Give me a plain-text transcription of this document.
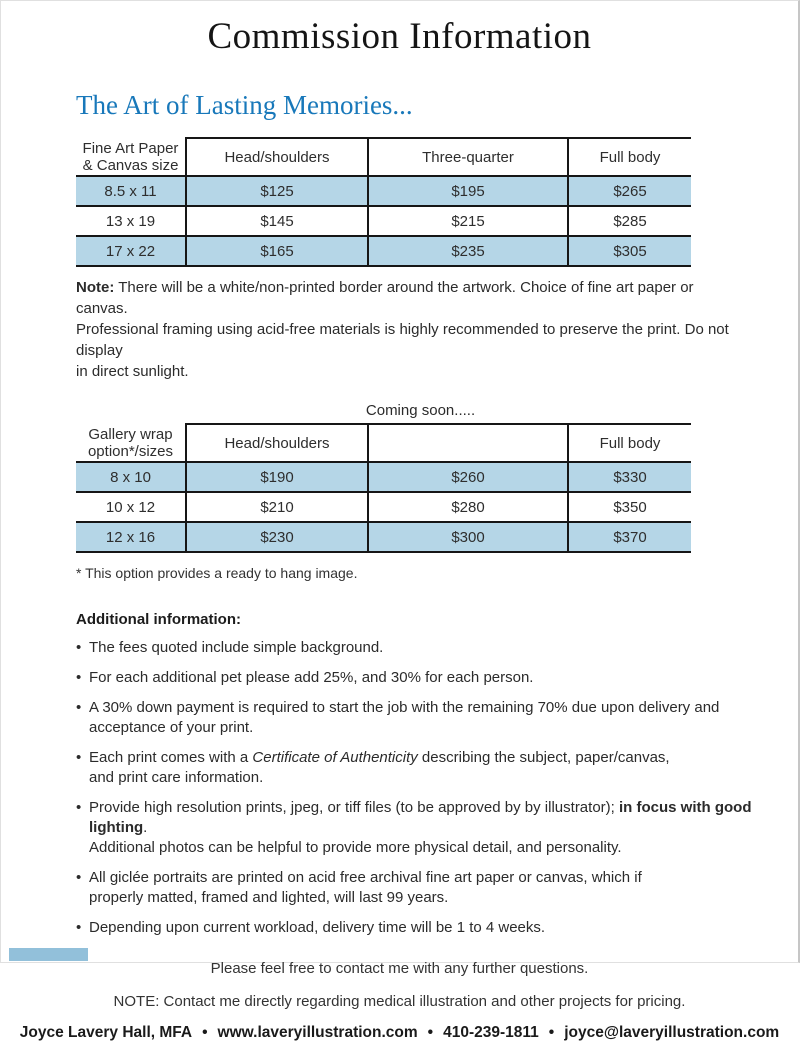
Commission Information
The Art of Lasting Memories...
Fine Art Paper
& Canvas size	Head/shoulders	Three-quarter	Full body
8.5 x 11	$125	$195	$265
13 x 19	$145	$215	$285
17 x 22	$165	$235	$305
Note: There will be a white/non-printed border around the artwork. Choice of fine art paper or canvas.
Professional framing using acid-free materials is highly recommended to preserve the print. Do not display
in direct sunlight.
Coming soon.....
Gallery wrap
option*/sizes	Head/shoulders		Full body
8 x 10	$190	$260	$330
10 x 12	$210	$280	$350
12 x 16	$230	$300	$370
* This option provides a ready to hang image.
Additional information:
• The fees quoted include simple background.
• For each additional pet please add 25%, and 30% for each person.
• A 30% down payment is required to start the job with the remaining 70% due upon delivery and
acceptance of your print.
• Each print comes with a Certificate of Authenticity describing the subject, paper/canvas,
and print care information.
• Provide high resolution prints, jpeg, or tiff files (to be approved by by illustrator); in focus with good lighting.
Additional photos can be helpful to provide more physical detail, and personality.
• All giclée portraits are printed on acid free archival fine art paper or canvas, which if
properly matted, framed and lighted, will last 99 years.
• Depending upon current workload, delivery time will be 1 to 4 weeks.

Please feel free to contact me with any further questions.

NOTE: Contact me directly regarding medical illustration and other projects for pricing.

Joyce Lavery Hall, MFA • www.laveryillustration.com • 410-239-1811 • joyce@laveryillustration.com
